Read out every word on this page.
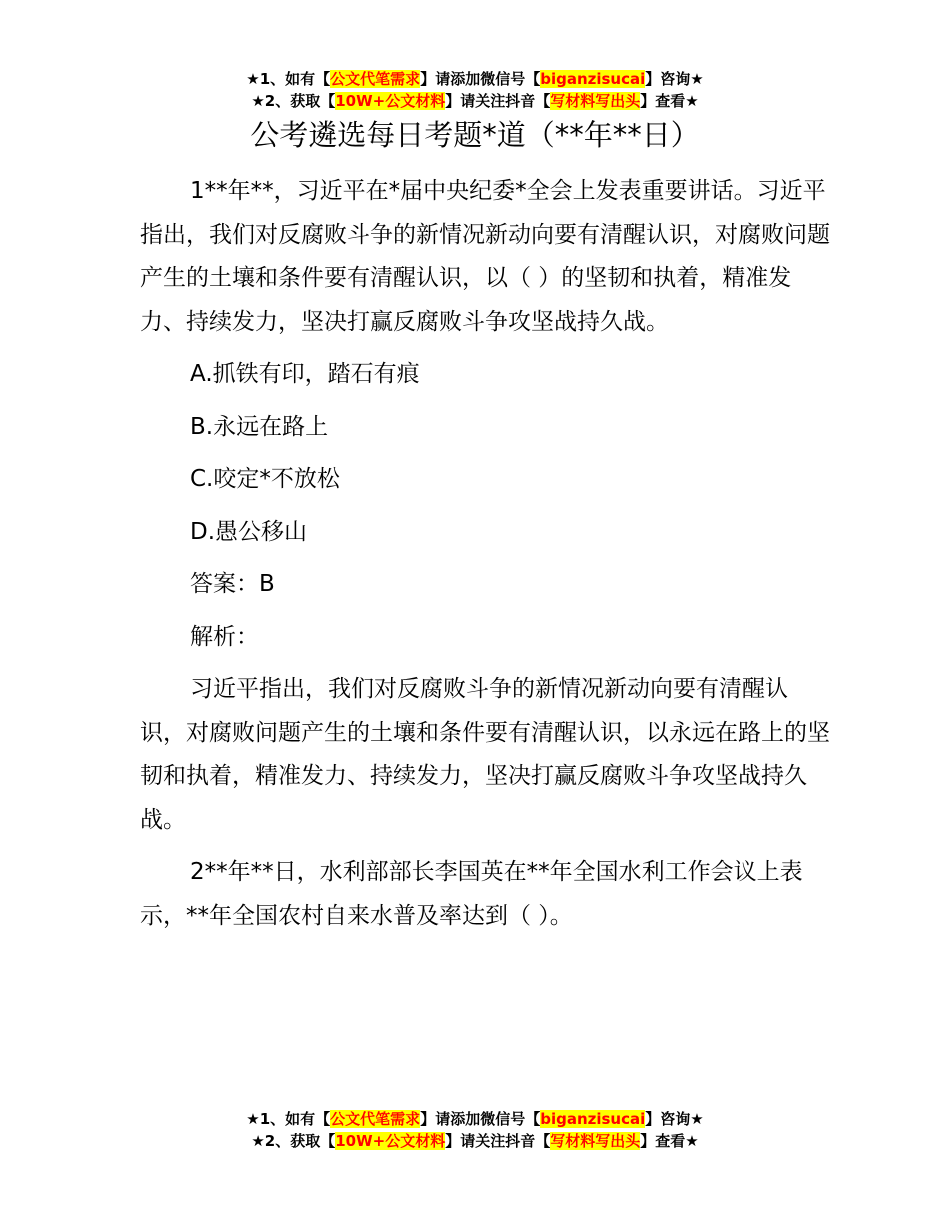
★1、如有【公文代笔需求】请添加微信号【biganzisucai】咨询★
★2、获取【10W+公文材料】请关注抖音【写材料写出头】查看★
公考遴选每日考题*道（**年**日）

1**年**，习近平在*届中央纪委*全会上发表重要讲话。习近平指出，我们对反腐败斗争的新情况新动向要有清醒认识，对腐败问题产生的土壤和条件要有清醒认识，以（ ）的坚韧和执着，精准发力、持续发力，坚决打赢反腐败斗争攻坚战持久战。

A.抓铁有印，踏石有痕

B.永远在路上

C.咬定*不放松

D.愚公移山

答案：B

解析：

习近平指出，我们对反腐败斗争的新情况新动向要有清醒认识，对腐败问题产生的土壤和条件要有清醒认识，以永远在路上的坚韧和执着，精准发力、持续发力，坚决打赢反腐败斗争攻坚战持久战。

2**年**日，水利部部长李国英在**年全国水利工作会议上表示，**年全国农村自来水普及率达到（ ）。

★1、如有【公文代笔需求】请添加微信号【biganzisucai】咨询★
★2、获取【10W+公文材料】请关注抖音【写材料写出头】查看★
